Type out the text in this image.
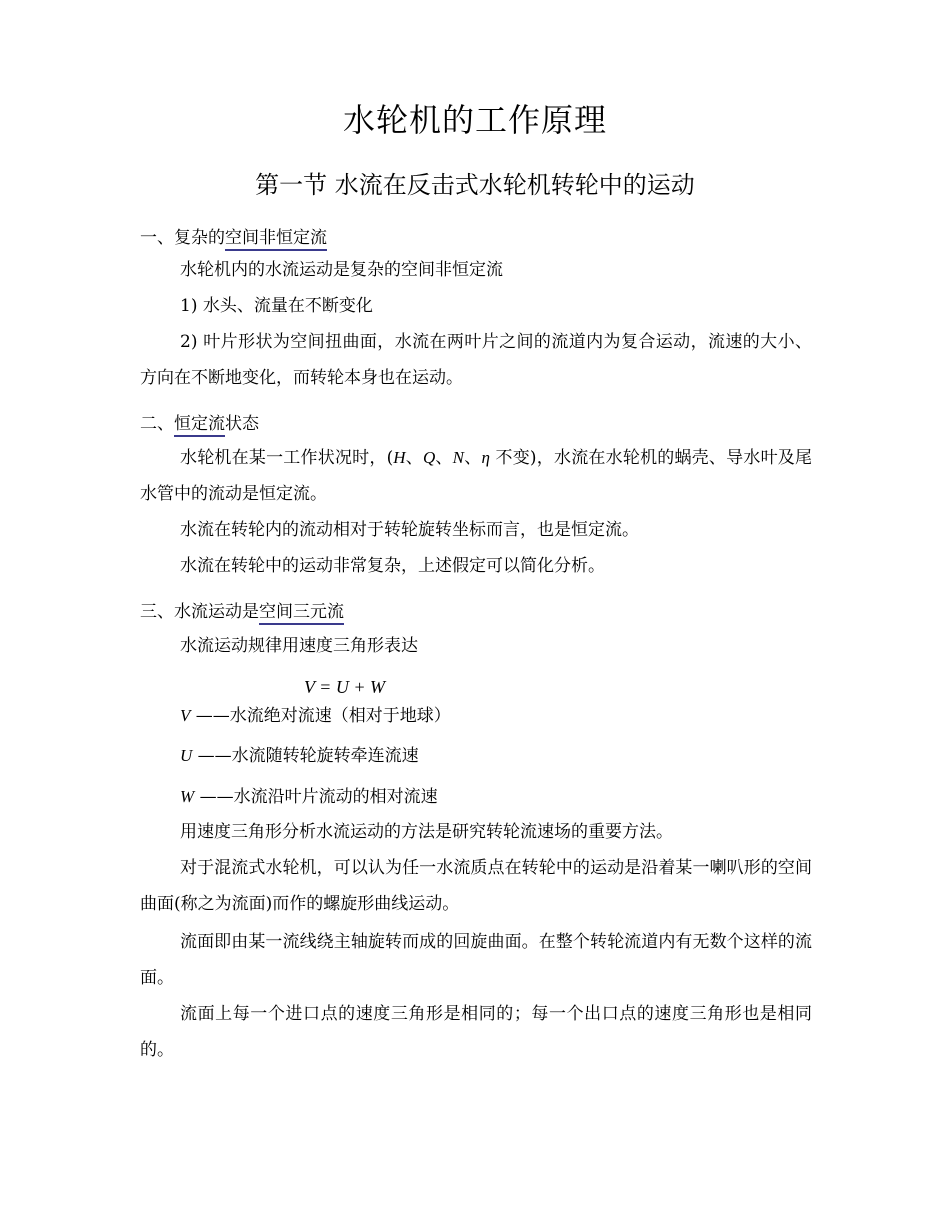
水轮机的工作原理
第一节 水流在反击式水轮机转轮中的运动
一、复杂的空间非恒定流
水轮机内的水流运动是复杂的空间非恒定流
1) 水头、流量在不断变化
2) 叶片形状为空间扭曲面，水流在两叶片之间的流道内为复合运动，流速的大小、方向在不断地变化，而转轮本身也在运动。
二、恒定流状态
水轮机在某一工作状况时，(H、Q、N、η 不变)，水流在水轮机的蜗壳、导水叶及尾水管中的流动是恒定流。
水流在转轮内的流动相对于转轮旋转坐标而言，也是恒定流。
水流在转轮中的运动非常复杂，上述假定可以简化分析。
三、水流运动是空间三元流
水流运动规律用速度三角形表达
V = U + W
V ——水流绝对流速（相对于地球）
U ——水流随转轮旋转牵连流速
W ——水流沿叶片流动的相对流速
用速度三角形分析水流运动的方法是研究转轮流速场的重要方法。
对于混流式水轮机，可以认为任一水流质点在转轮中的运动是沿着某一喇叭形的空间曲面(称之为流面)而作的螺旋形曲线运动。
流面即由某一流线绕主轴旋转而成的回旋曲面。在整个转轮流道内有无数个这样的流面。
流面上每一个进口点的速度三角形是相同的；每一个出口点的速度三角形也是相同的。
